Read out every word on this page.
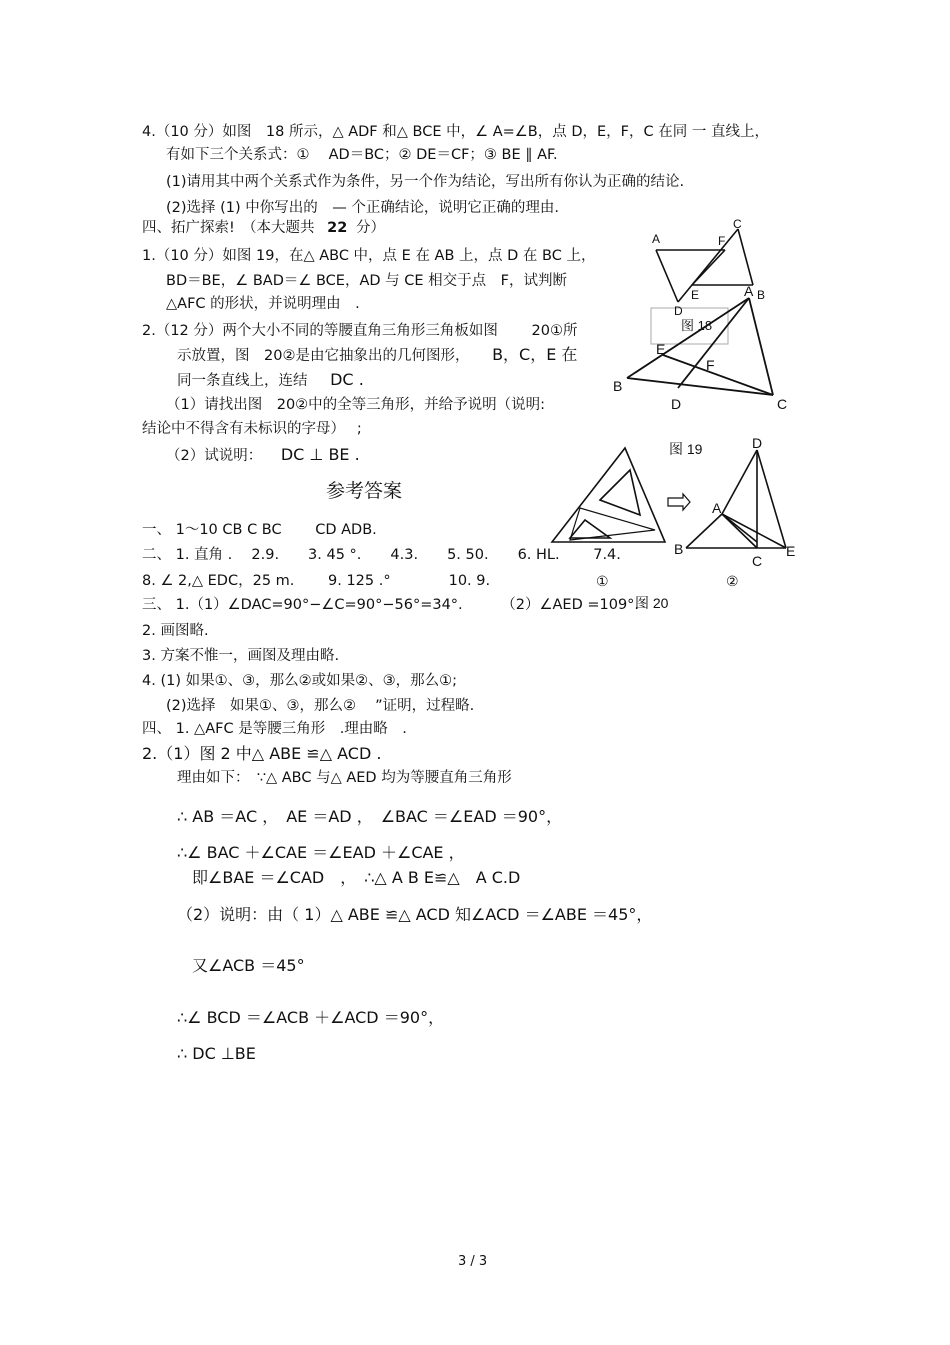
4.（10 分）如图　18 所示，△ ADF 和△ BCE 中，∠ A=∠B，点 D，E，F，C 在同 一 直线上，
有如下三个关系式：①　 AD＝BC；② DE＝CF；③ BE ∥ AF.
(1)请用其中两个关系式作为条件，另一个作为结论，写出所有你认为正确的结论.
(2)选择 (1) 中你写出的　— 个正确结论，说明它正确的理由.
四、拓广探索!　（本大题共 22 分）
1.（10 分）如图 19，在△ ABC 中，点 E 在 AB 上，点 D 在 BC 上，
BD＝BE，∠ BAD＝∠ BCE，AD 与 CE 相交于点　F，试判断
△AFC 的形状，并说明理由　.
2.（12 分）两个大小不同的等腰直角三角形三角板如图　　 20①所
示放置，图　20②是由它抽象出的几何图形， B，C，E 在
同一条直线上，连结 DC .
（1）请找出图　20②中的全等三角形，并给予说明（说明:
结论中不得含有未标识的字母）　 ;
（2）试说明： DC ⊥ BE .
参考答案
一、 1～10 CB C BC　　 CD ADB.
二、 1. 直角 .　 2.9.　　3. 45 °.　　4.3.　　5. 50.　　6. HL.　　 7.4.
8. ∠ 2,△ EDC，25 m.　　 9. 125 .°　　　　10. 9.
三、 1.（1）∠DAC=90°−∠C=90°−56°=34°.	（2）∠AED =109°.
2. 画图略.
3. 方案不惟一，画图及理由略.
4. (1) 如果①、③，那么②或如果②、③，那么①;
(2)选择　如果①、③，那么②　 ”证明，过程略.
四、 1. △AFC 是等腰三角形　.理由略　.
2.（1）图 2 中△ ABE ≌△ ACD .
理由如下：　∵△ ABC 与△ AED 均为等腰直角三角形
∴ AB ＝AC ，　AE ＝AD ，　∠BAC ＝∠EAD ＝90°，
∴∠ BAC ＋∠CAE ＝∠EAD ＋∠CAE ，
即∠BAE ＝∠CAD　，　∴△ A B E≌△　A C.D
（2）说明：由（ 1）△ ABE ≌△ ACD 知∠ACD ＝∠ABE ＝45°，
又∠ACB ＝45°
∴∠ BCD ＝∠ACB ＋∠ACD ＝90°，
∴ DC ⊥BE
A	F
C
D
E	B
图 18
A
E
F
B
D	C
图 19	D
A
B
C
E
①	②
图 20
3 / 3
